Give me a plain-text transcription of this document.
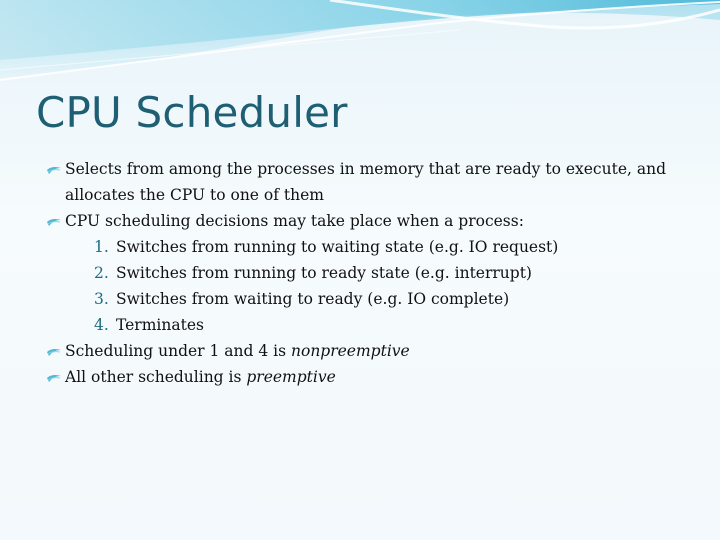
CPU Scheduler
Selects from among the processes in memory that are ready to execute, and allocates the CPU to one of them
CPU scheduling decisions may take place when a process:
1. Switches from running to waiting state (e.g. IO request)
2. Switches from running to ready state (e.g. interrupt)
3. Switches from waiting to ready (e.g. IO complete)
4. Terminates
Scheduling under 1 and 4 is nonpreemptive
All other scheduling is preemptive
